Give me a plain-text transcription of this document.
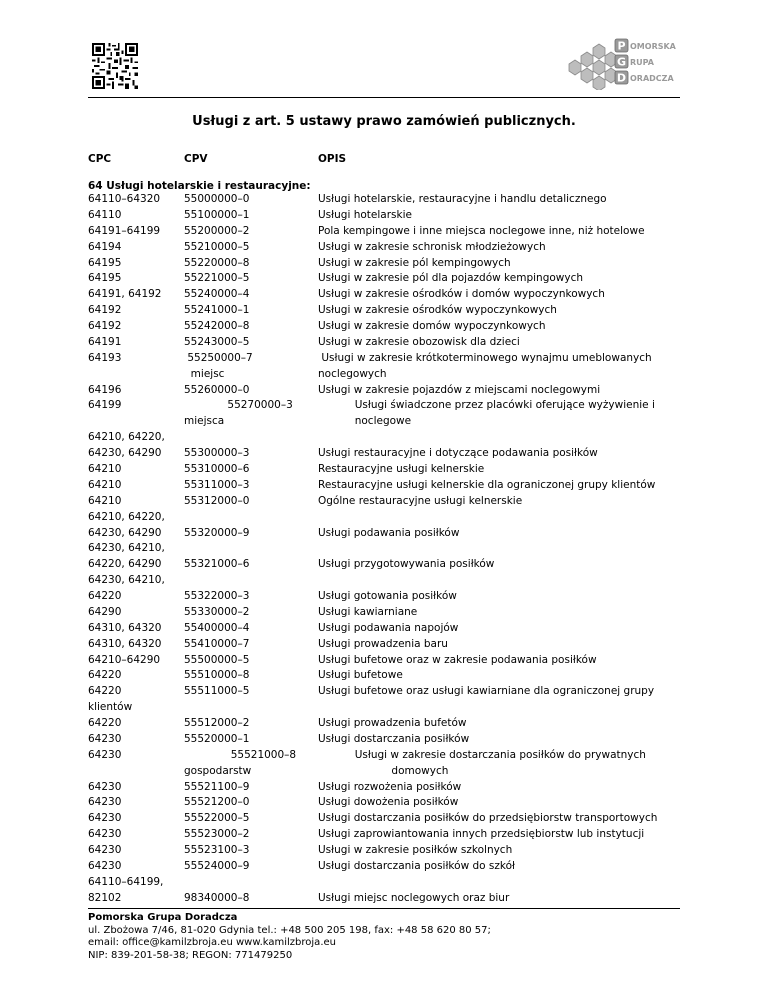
P
G
D
OMORSKA
RUPA
ORADCZA
Usługi z art. 5 ustawy prawo zamówień publicznych.
CPC	CPV	OPIS
64 Usługi hotelarskie i restauracyjne:
64110–64320 55000000–0	Usługi hotelarskie, restauracyjne i handlu detalicznego
64110	55100000–1	Usługi hotelarskie
64191–64199 55200000–2	Pola kempingowe i inne miejsca noclegowe inne, niż hotelowe
64194	55210000–5	Usługi w zakresie schronisk młodzieżowych
64195	55220000–8	Usługi w zakresie pól kempingowych
64195	55221000–5	Usługi w zakresie pól dla pojazdów kempingowych
64191, 64192 55240000–4	Usługi w zakresie ośrodków i domów wypoczynkowych
64192	55241000–1	Usługi w zakresie ośrodków wypoczynkowych
64192	55242000–8	Usługi w zakresie domów wypoczynkowych
64191	55243000–5	Usługi w zakresie obozowisk dla dzieci
64193	55250000–7	Usługi w zakresie krótkoterminowego wynajmu umeblowanych
miejsc	noclegowych
64196	55260000–0	Usługi w zakresie pojazdów z miejscami noclegowymi
64199	55270000–3 Usługi świadczone przez placówki oferujące wyżywienie i
miejsca	noclegowe
64210, 64220,
64230, 64290 55300000–3	Usługi restauracyjne i dotyczące podawania posiłków
64210	55310000–6	Restauracyjne usługi kelnerskie
64210	55311000–3	Restauracyjne usługi kelnerskie dla ograniczonej grupy klientów
64210	55312000–0	Ogólne restauracyjne usługi kelnerskie
64210, 64220,
64230, 64290 55320000–9	Usługi podawania posiłków
64230, 64210,
64220, 64290 55321000–6	Usługi przygotowywania posiłków
64230, 64210,
64220	55322000–3	Usługi gotowania posiłków
64290	55330000–2	Usługi kawiarniane
64310, 64320 55400000–4	Usługi podawania napojów
64310, 64320 55410000–7	Usługi prowadzenia baru
64210–64290 55500000–5	Usługi bufetowe oraz w zakresie podawania posiłków
64220	55510000–8	Usługi bufetowe
64220	55511000–5	Usługi bufetowe oraz usługi kawiarniane dla ograniczonej grupy
klientów
64220	55512000–2	Usługi prowadzenia bufetów
64230	55520000–1	Usługi dostarczania posiłków
64230	55521000–8 Usługi w zakresie dostarczania posiłków do prywatnych
gospodarstw	domowych
64230	55521100–9	Usługi rozwożenia posiłków
64230	55521200–0	Usługi dowożenia posiłków
64230	55522000–5	Usługi dostarczania posiłków do przedsiębiorstw transportowych
64230	55523000–2	Usługi zaprowiantowania innych przedsiębiorstw lub instytucji
64230	55523100–3	Usługi w zakresie posiłków szkolnych
64230	55524000–9	Usługi dostarczania posiłków do szkół
64110–64199,
82102	98340000–8	Usługi miejsc noclegowych oraz biur
Pomorska Grupa Doradcza
ul. Zbożowa 7/46, 81-020 Gdynia tel.: +48 500 205 198, fax: +48 58 620 80 57;
email: office@kamilzbroja.eu www.kamilzbroja.eu
NIP: 839-201-58-38; REGON: 771479250
